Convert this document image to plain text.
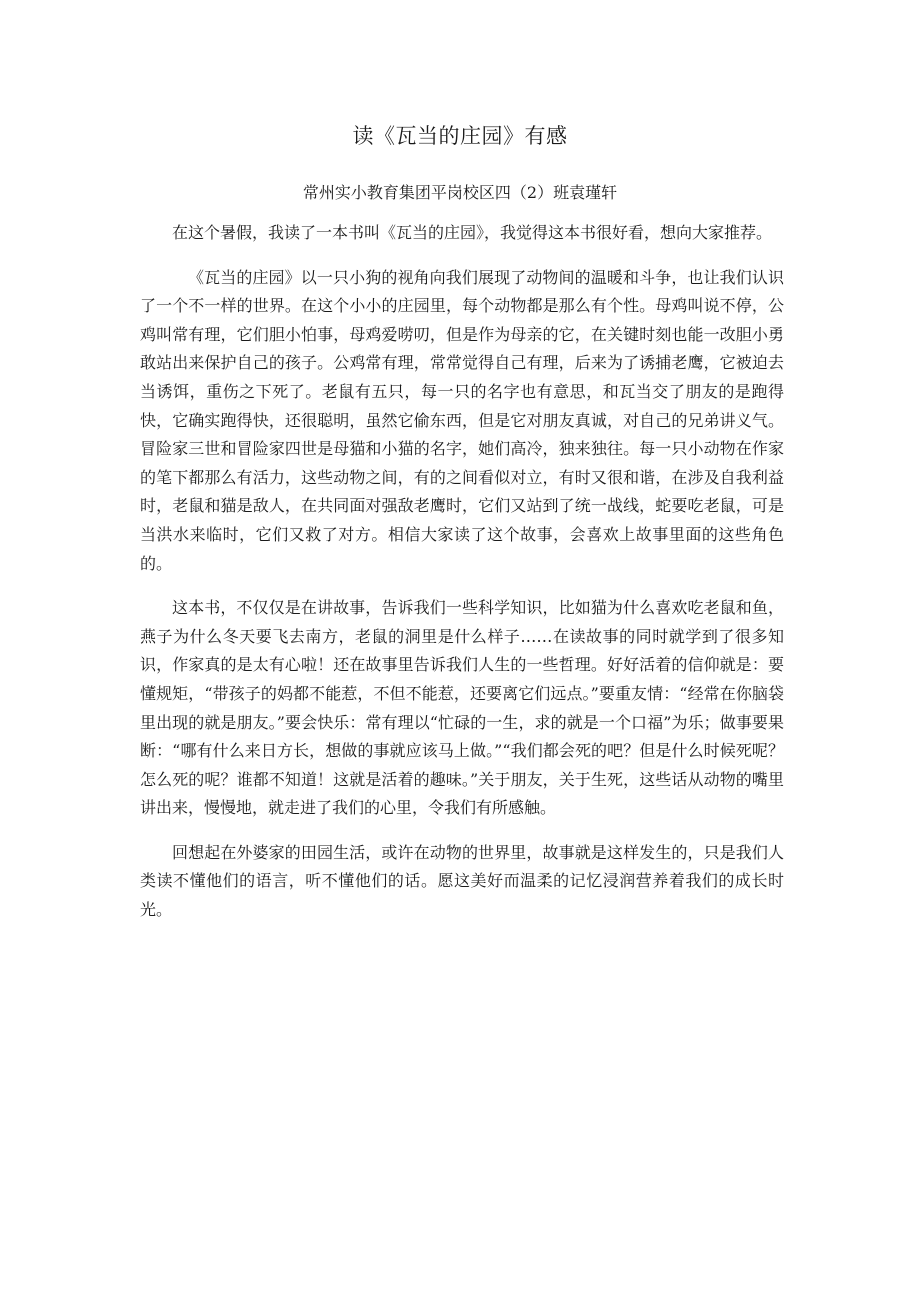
读《瓦当的庄园》有感

常州实小教育集团平岗校区四（2）班袁瑾轩

在这个暑假，我读了一本书叫《瓦当的庄园》，我觉得这本书很好看，想向大家推荐。

《瓦当的庄园》以一只小狗的视角向我们展现了动物间的温暖和斗争，也让我们认识了一个不一样的世界。在这个小小的庄园里，每个动物都是那么有个性。母鸡叫说不停，公鸡叫常有理，它们胆小怕事，母鸡爱唠叨，但是作为母亲的它，在关键时刻也能一改胆小勇敢站出来保护自己的孩子。公鸡常有理，常常觉得自己有理，后来为了诱捕老鹰，它被迫去当诱饵，重伤之下死了。老鼠有五只，每一只的名字也有意思，和瓦当交了朋友的是跑得快，它确实跑得快，还很聪明，虽然它偷东西，但是它对朋友真诚，对自己的兄弟讲义气。冒险家三世和冒险家四世是母猫和小猫的名字，她们高冷，独来独往。每一只小动物在作家的笔下都那么有活力，这些动物之间，有的之间看似对立，有时又很和谐，在涉及自我利益时，老鼠和猫是敌人，在共同面对强敌老鹰时，它们又站到了统一战线，蛇要吃老鼠，可是当洪水来临时，它们又救了对方。相信大家读了这个故事，会喜欢上故事里面的这些角色的。

这本书，不仅仅是在讲故事，告诉我们一些科学知识，比如猫为什么喜欢吃老鼠和鱼，燕子为什么冬天要飞去南方，老鼠的洞里是什么样子……在读故事的同时就学到了很多知识，作家真的是太有心啦！还在故事里告诉我们人生的一些哲理。好好活着的信仰就是：要懂规矩，“带孩子的妈都不能惹，不但不能惹，还要离它们远点。”要重友情：“经常在你脑袋里出现的就是朋友。”要会快乐：常有理以“忙碌的一生，求的就是一个口福”为乐；做事要果断：“哪有什么来日方长，想做的事就应该马上做。”“我们都会死的吧？但是什么时候死呢？怎么死的呢？谁都不知道！这就是活着的趣味。”关于朋友，关于生死，这些话从动物的嘴里讲出来，慢慢地，就走进了我们的心里，令我们有所感触。

回想起在外婆家的田园生活，或许在动物的世界里，故事就是这样发生的，只是我们人类读不懂他们的语言，听不懂他们的话。愿这美好而温柔的记忆浸润营养着我们的成长时光。
